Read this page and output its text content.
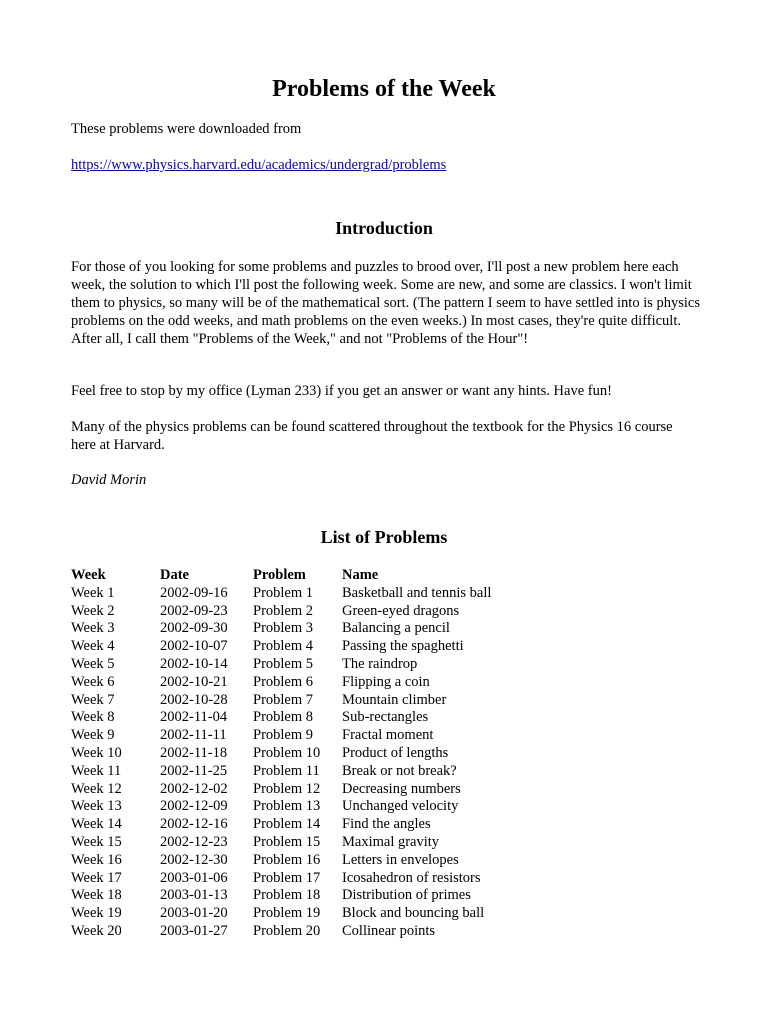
Problems of the Week

These problems were downloaded from

https://www.physics.harvard.edu/academics/undergrad/problems
Introduction

For those of you looking for some problems and puzzles to brood over, I'll post a new problem here each week, the solution to which I'll post the following week. Some are new, and some are classics. I won't limit them to physics, so many will be of the mathematical sort. (The pattern I seem to have settled into is physics problems on the odd weeks, and math problems on the even weeks.) In most cases, they're quite difficult. After all, I call them "Problems of the Week," and not "Problems of the Hour"!

Feel free to stop by my office (Lyman 233) if you get an answer or want any hints. Have fun!

Many of the physics problems can be found scattered throughout the textbook for the Physics 16 course here at Harvard.

David Morin

List of Problems
Week	Date	Problem	Name
Week 1	2002-09-16	Problem 1	Basketball and tennis ball
Week 2	2002-09-23	Problem 2	Green-eyed dragons
Week 3	2002-09-30	Problem 3	Balancing a pencil
Week 4	2002-10-07	Problem 4	Passing the spaghetti
Week 5	2002-10-14	Problem 5	The raindrop
Week 6	2002-10-21	Problem 6	Flipping a coin
Week 7	2002-10-28	Problem 7	Mountain climber
Week 8	2002-11-04	Problem 8	Sub-rectangles
Week 9	2002-11-11	Problem 9	Fractal moment
Week 10	2002-11-18	Problem 10	Product of lengths
Week 11	2002-11-25	Problem 11	Break or not break?
Week 12	2002-12-02	Problem 12	Decreasing numbers
Week 13	2002-12-09	Problem 13	Unchanged velocity
Week 14	2002-12-16	Problem 14	Find the angles
Week 15	2002-12-23	Problem 15	Maximal gravity
Week 16	2002-12-30	Problem 16	Letters in envelopes
Week 17	2003-01-06	Problem 17	Icosahedron of resistors
Week 18	2003-01-13	Problem 18	Distribution of primes
Week 19	2003-01-20	Problem 19	Block and bouncing ball
Week 20	2003-01-27	Problem 20	Collinear points
